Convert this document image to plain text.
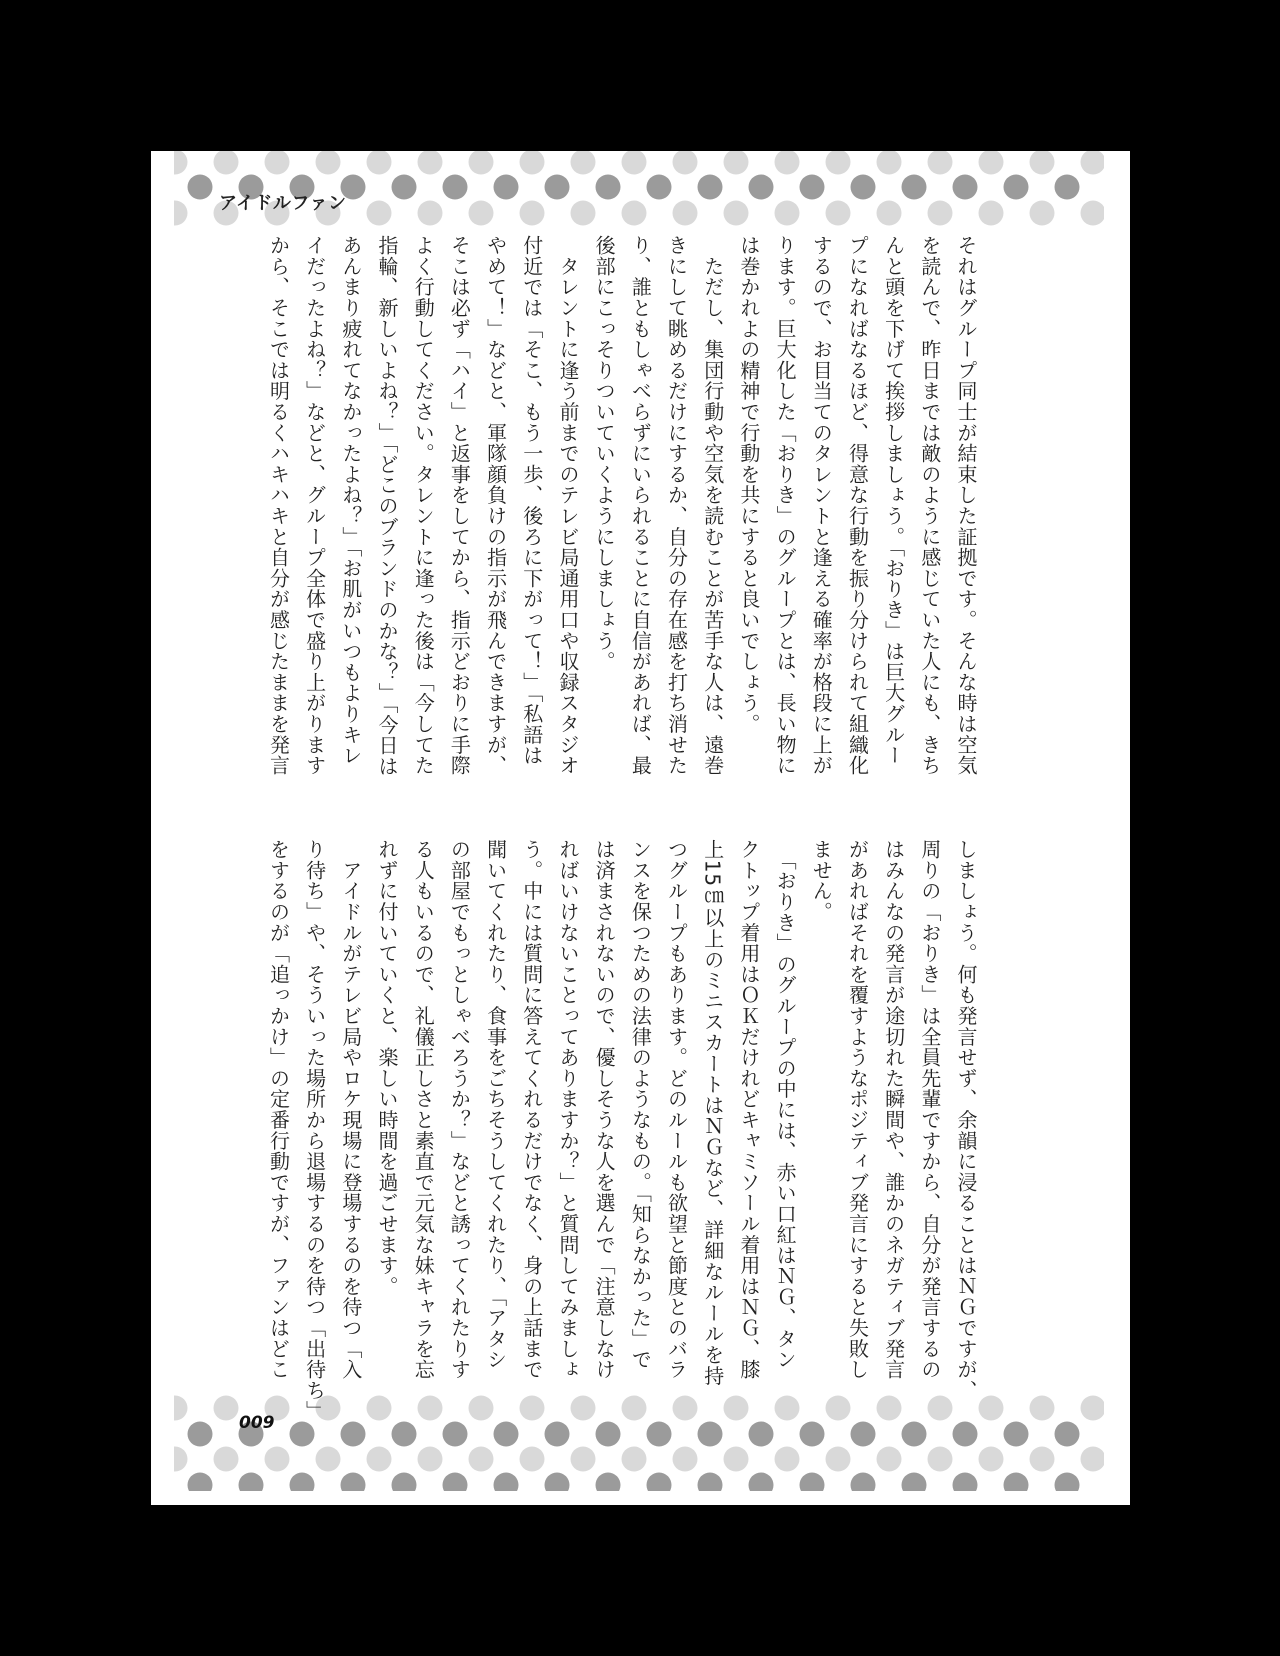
アイドルファン
それはグループ同士が結束した証拠です。そんな時は空気
を読んで、昨日までは敵のように感じていた人にも、きち
んと頭を下げて挨拶しましょう。「おりき」は巨大グルー
プになればなるほど、得意な行動を振り分けられて組織化
するので、お目当てのタレントと逢える確率が格段に上が
ります。巨大化した「おりき」のグループとは、長い物に
は巻かれよの精神で行動を共にすると良いでしょう。
　ただし、集団行動や空気を読むことが苦手な人は、遠巻
きにして眺めるだけにするか、自分の存在感を打ち消せた
り、誰ともしゃべらずにいられることに自信があれば、最
後部にこっそりついていくようにしましょう。
　タレントに逢う前までのテレビ局通用口や収録スタジオ
付近では「そこ、もう一歩、後ろに下がって！」「私語は
やめて！」などと、軍隊顔負けの指示が飛んできますが、
そこは必ず「ハイ」と返事をしてから、指示どおりに手際
よく行動してください。タレントに逢った後は「今してた
指輪、新しいよね？」「どこのブランドのかな？」「今日は
あんまり疲れてなかったよね？」「お肌がいつもよりキレ
イだったよね？」などと、グループ全体で盛り上がります
から、そこでは明るくハキハキと自分が感じたままを発言
しましょう。何も発言せず、余韻に浸ることはＮＧですが、
周りの「おりき」は全員先輩ですから、自分が発言するの
はみんなの発言が途切れた瞬間や、誰かのネガティブ発言
があればそれを覆すようなポジティブ発言にすると失敗し
ません。
　「おりき」のグループの中には、赤い口紅はＮＧ、タン
クトップ着用はＯＫだけれどキャミソール着用はＮＧ、膝
上15㎝以上のミニスカートはＮＧなど、詳細なルールを持
つグループもあります。どのルールも欲望と節度とのバラ
ンスを保つための法律のようなもの。「知らなかった」で
は済まされないので、優しそうな人を選んで「注意しなけ
ればいけないことってありますか？」と質問してみましょ
う。中には質問に答えてくれるだけでなく、身の上話まで
聞いてくれたり、食事をごちそうしてくれたり、「アタシ
の部屋でもっとしゃべろうか？」などと誘ってくれたりす
る人もいるので、礼儀正しさと素直で元気な妹キャラを忘
れずに付いていくと、楽しい時間を過ごせます。
　アイドルがテレビ局やロケ現場に登場するのを待つ「入
り待ち」や、そういった場所から退場するのを待つ「出待ち」
をするのが「追っかけ」の定番行動ですが、ファンはどこ
009
